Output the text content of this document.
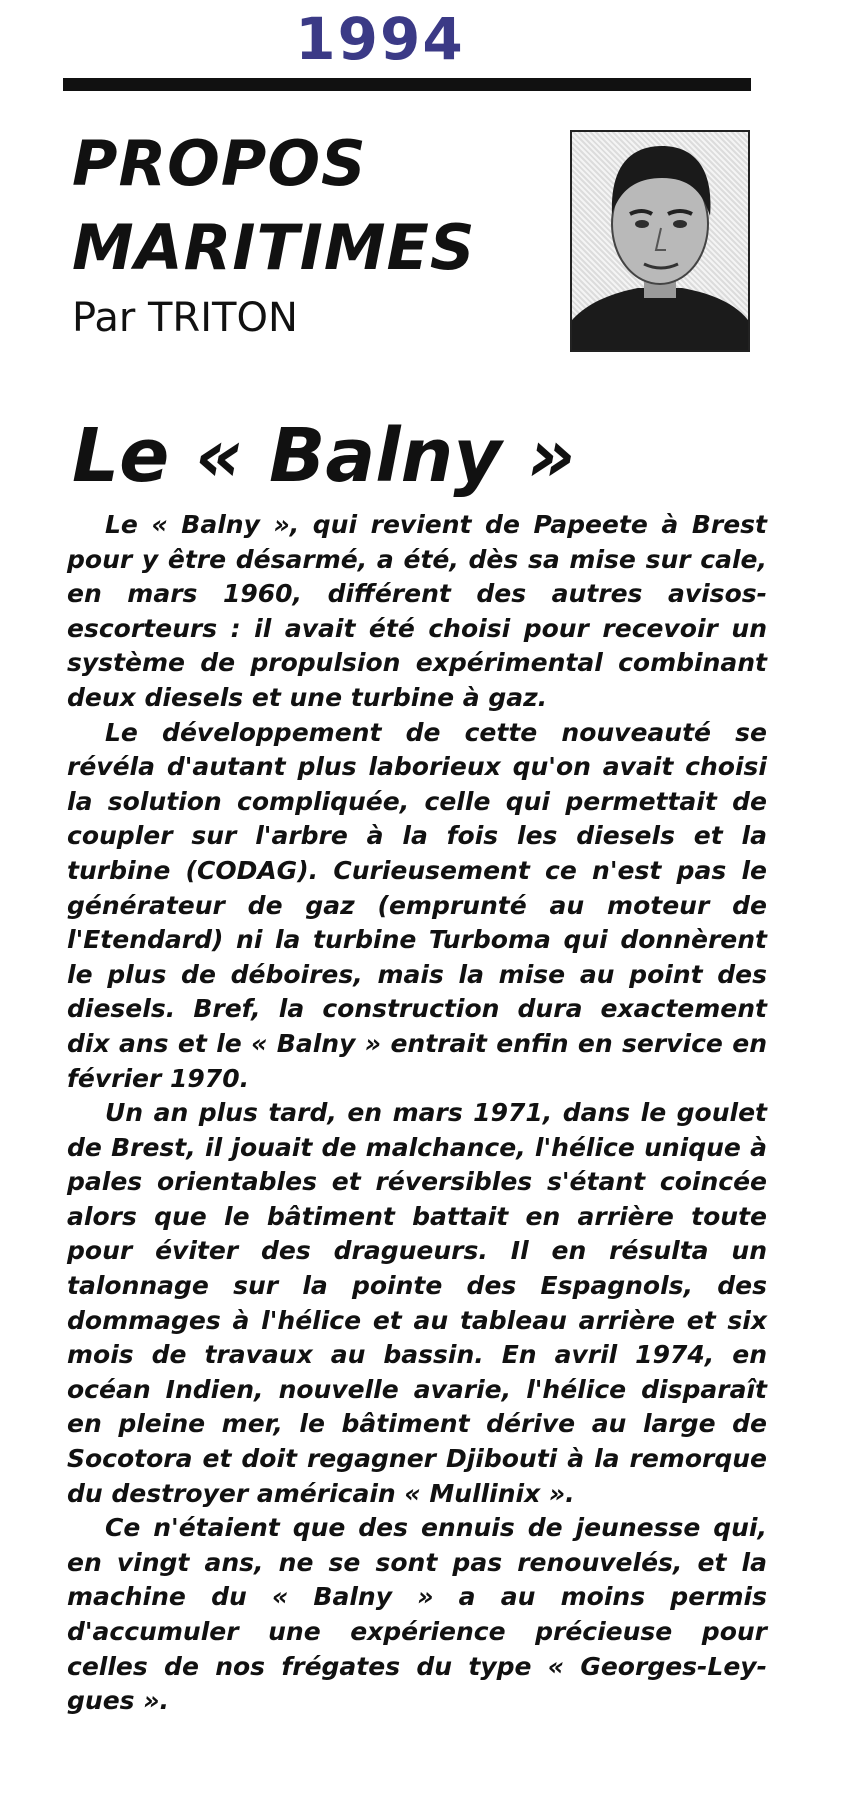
1994
PROPOS
MARITIMES

Par TRITON

Le « Balny »

Le « Balny », qui revient de Papeete à Brest pour y être désarmé, a été, dès sa mise sur cale, en mars 1960, différent des autres avisos-escorteurs : il avait été choisi pour recevoir un système de propulsion expérimental combinant deux diesels et une turbine à gaz.

Le développement de cette nouveauté se révéla d'autant plus laborieux qu'on avait choisi la solution compliquée, celle qui permettait de coupler sur l'arbre à la fois les diesels et la turbine (CODAG). Curieusement ce n'est pas le générateur de gaz (emprunté au moteur de l'Etendard) ni la turbine Turboma qui donnèrent le plus de déboires, mais la mise au point des diesels. Bref, la construction dura exactement dix ans et le « Balny » entrait enfin en service en février 1970.

Un an plus tard, en mars 1971, dans le goulet de Brest, il jouait de malchance, l'hélice unique à pales orientables et réversibles s'étant coincée alors que le bâtiment battait en arrière toute pour éviter des dragueurs. Il en résulta un talonnage sur la pointe des Espagnols, des dommages à l'hélice et au tableau arrière et six mois de travaux au bassin. En avril 1974, en océan Indien, nouvelle avarie, l'hélice disparaît en pleine mer, le bâtiment dérive au large de Socotora et doit regagner Djibouti à la remorque du destroyer américain « Mullinix ».

Ce n'étaient que des ennuis de jeunesse qui, en vingt ans, ne se sont pas renouvelés, et la machine du « Balny » a au moins permis d'accumuler une expérience précieuse pour celles de nos frégates du type « Georges-Leygues ».
